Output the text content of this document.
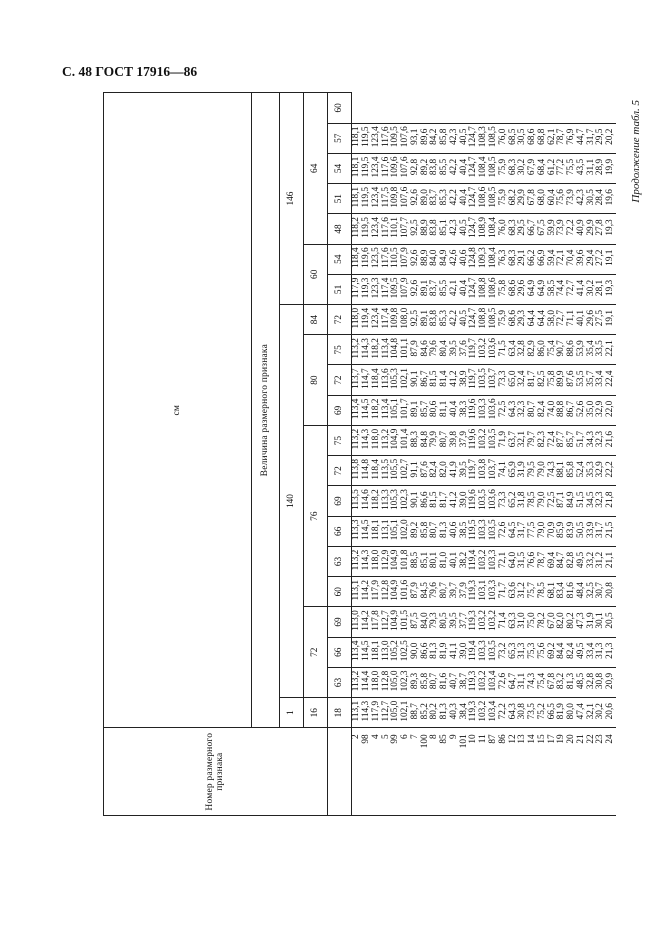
С. 48 ГОСТ 17916—86
Продолжение табл. 5
Номер размерного признака	см																				
	Величина размерного признака																				
	1	140													146						
	16	72			76						80			84	60		64				
	18	63	66	69	60	63	66	69	72	75	69	72	75	72	51	54	48	51	54	57	60
2	113,1	113,2	113,4	113,0	113,1	113,2	113,3	113,5	113,8	113,2	113,4	113,7	113,2	118,0	117,9	118,4	118,2	118,1	118,1	118,1	
98	114,3	114,4	114,5	114,2	114,2	114,3	114,5	114,6	114,8	114,3	114,5	114,7	114,3	119,4	119,3	119,6	119,5	119,5	119,5	119,5	
4	117,9	118,0	118,1	117,8	117,9	118,0	118,1	118,2	118,4	118,0	118,2	118,4	118,2	123,4	123,3	123,5	123,4	123,4	123,4	123,4	
5	112,7	112,8	113,0	112,7	112,8	112,9	113,1	113,3	113,5	113,2	113,4	113,6	113,4	117,4	117,4	117,6	117,6	117,5	117,6	117,6	
99	105,0	105,0	105,2	104,9	104,9	104,9	105,1	105,3	105,5	104,9	105,1	105,3	104,8	109,8	109,5	110,5	110,1	109,8	109,6	109,5	
6	102,1	102,3	102,5	101,5	101,6	101,8	102,0	102,3	102,7	101,4	101,7	102,1	101,1	108,0	107,9	107,9	107,7	107,6	107,6	107,6	
7	88,7	89,3	90,0	87,5	87,9	88,5	89,2	90,1	91,1	88,3	89,1	90,1	87,9	92,5	92,6	92,6	92,5	92,6	92,8	93,1	
100	85,2	85,8	86,6	84,0	84,5	85,1	85,8	86,6	87,6	84,8	85,7	86,7	84,6	89,1	89,1	88,9	88,9	89,0	89,2	89,6	
8	80,2	80,7	81,3	79,3	79,6	80,1	80,7	81,5	82,4	79,9	80,6	81,5	79,6	83,8	83,7	84,0	83,8	83,7	83,8	84,2	
85	81,3	81,6	81,9	80,5	80,7	81,0	81,3	81,7	82,0	80,7	81,1	81,4	80,4	85,3	85,5	84,9	85,1	85,3	85,5	85,8	
9	40,3	40,7	41,1	39,5	39,7	40,1	40,6	41,2	41,9	39,8	40,4	41,2	39,5	42,2	42,1	42,6	42,3	42,2	42,2	42,3	
101	38,4	38,7	39,0	37,7	37,9	38,2	38,5	39,0	39,5	37,9	38,3	38,9	37,6	40,5	40,4	40,6	40,5	40,4	40,4	40,5	
10	119,3	119,3	119,4	119,3	119,3	119,4	119,5	119,6	119,7	119,6	119,6	119,7	119,7	124,7	124,7	124,8	124,7	124,7	124,7	124,7	
11	103,2	103,2	103,3	103,2	103,1	103,2	103,3	103,5	103,8	103,2	103,3	103,5	103,2	108,8	108,8	109,3	108,9	108,6	108,4	108,3	
87	103,4	103,4	103,5	103,2	103,3	103,3	103,5	103,6	103,7	103,5	103,6	103,7	103,6	108,5	108,6	108,4	108,4	108,5	108,5	108,5	
86	72,2	72,6	73,2	71,4	71,7	72,1	72,6	73,3	74,1	71,9	72,5	73,3	71,5	75,9	75,8	76,3	76,0	75,9	75,9	76,0	
12	64,3	64,7	65,3	63,3	63,6	64,0	64,5	65,2	65,9	63,7	64,3	65,0	63,4	68,6	68,6	68,3	68,3	68,2	68,3	68,5	
13	30,8	31,1	31,3	31,0	31,2	31,5	31,7	31,8	31,9	32,1	32,3	32,4	32,8	29,3	29,6	29,1	29,5	29,9	30,2	30,5	
14	73,5	74,3	75,3	75,0	75,7	76,6	77,5	78,5	79,5	79,7	80,7	81,7	82,9	64,4	64,9	66,2	66,7	67,8	67,9	68,6	
15	75,2	75,4	75,6	78,2	78,5	78,7	79,0	79,0	79,0	82,3	82,4	82,5	86,0	64,4	64,9	66,9	67,5	68,0	68,4	68,8	
17	66,5	67,8	69,2	67,0	68,1	69,4	70,9	72,5	74,3	72,4	74,0	75,8	75,4	58,0	58,5	59,4	59,9	60,4	61,2	62,1	
19	81,9	83,2	84,4	82,0	83,4	84,7	85,9	87,1	88,1	87,7	88,8	89,9	90,7	72,7	74,4	72,1	73,9	75,6	77,2	78,7	
20	80,0	81,3	82,4	80,2	81,6	82,8	83,9	84,9	85,8	85,7	86,7	87,6	88,6	71,1	72,7	70,4	72,2	73,9	75,5	76,9	
21	47,4	48,5	49,5	47,3	48,4	49,5	50,5	51,5	52,4	51,7	52,6	53,5	53,9	40,1	41,4	39,6	40,9	42,3	43,5	44,7	
22	32,1	32,8	33,4	31,9	32,5	33,2	33,9	34,5	35,3	34,3	35,0	35,7	35,4	29,6	30,2	29,4	29,9	30,5	31,1	31,7	
23	30,2	30,8	31,3	30,1	30,7	31,2	31,7	32,3	32,9	32,3	32,9	33,4	33,5	27,5	28,1	27,2	27,8	28,4	28,9	29,5	
24	20,6	20,9	21,3	20,5	20,8	21,1	21,5	21,8	22,2	21,6	22,0	22,4	22,1	19,1	19,3	19,1	19,3	19,6	19,9	20,2	
